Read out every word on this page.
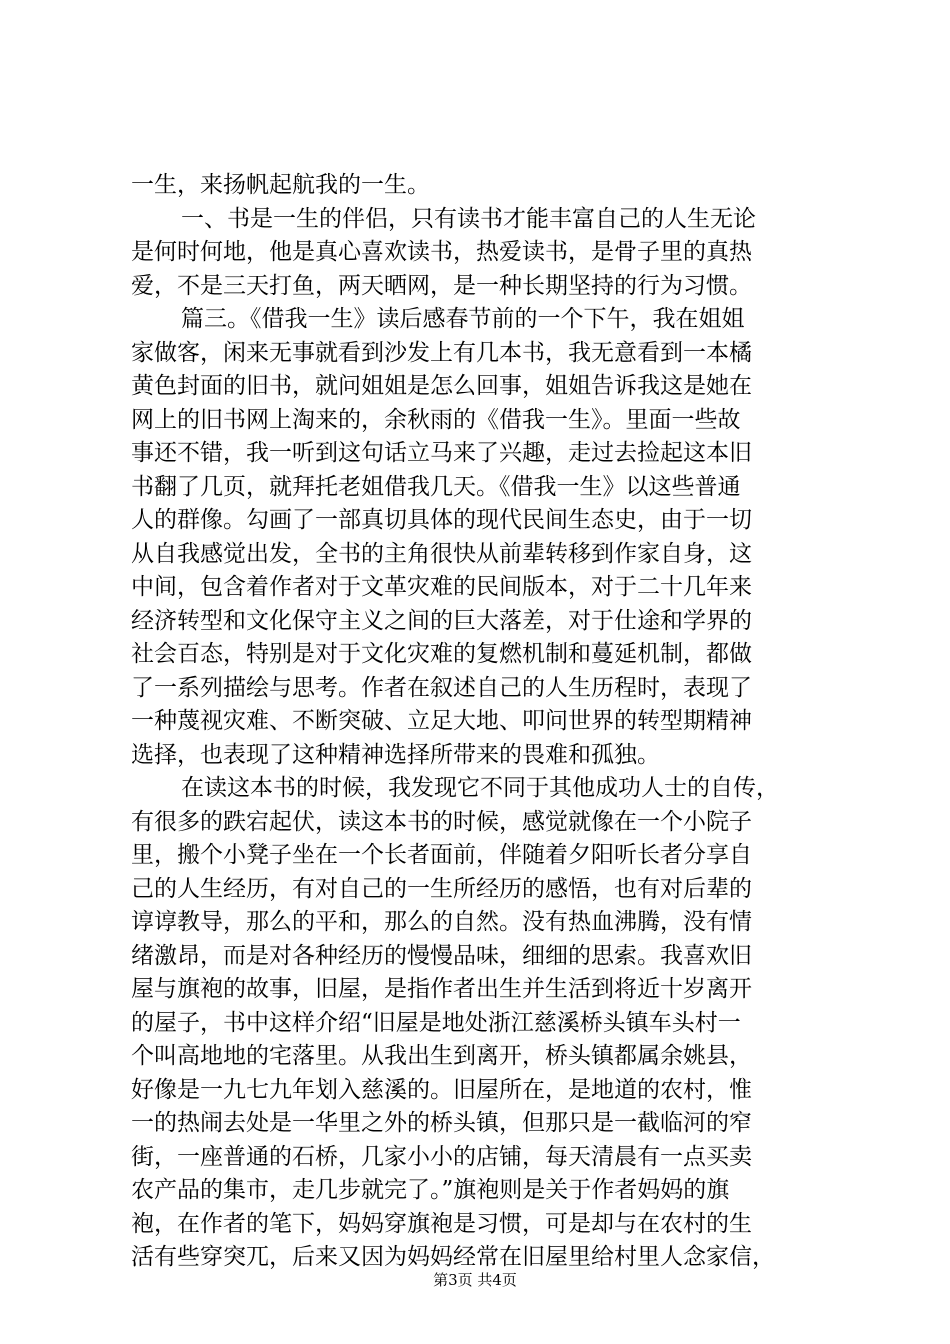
一生，来扬帆起航我的一生。
一、书是一生的伴侣，只有读书才能丰富自己的人生无论
是何时何地，他是真心喜欢读书，热爱读书，是骨子里的真热
爱，不是三天打鱼，两天晒网，是一种长期坚持的行为习惯。
篇三。《借我一生》读后感春节前的一个下午，我在姐姐
家做客，闲来无事就看到沙发上有几本书，我无意看到一本橘
黄色封面的旧书，就问姐姐是怎么回事，姐姐告诉我这是她在
网上的旧书网上淘来的，余秋雨的《借我一生》。里面一些故
事还不错，我一听到这句话立马来了兴趣，走过去捡起这本旧
书翻了几页，就拜托老姐借我几天。《借我一生》以这些普通
人的群像。勾画了一部真切具体的现代民间生态史，由于一切
从自我感觉出发，全书的主角很快从前辈转移到作家自身，这
中间，包含着作者对于文革灾难的民间版本，对于二十几年来
经济转型和文化保守主义之间的巨大落差，对于仕途和学界的
社会百态，特别是对于文化灾难的复燃机制和蔓延机制，都做
了一系列描绘与思考。作者在叙述自己的人生历程时，表现了
一种蔑视灾难、不断突破、立足大地、叩问世界的转型期精神
选择，也表现了这种精神选择所带来的畏难和孤独。
在读这本书的时候，我发现它不同于其他成功人士的自传，
有很多的跌宕起伏，读这本书的时候，感觉就像在一个小院子
里，搬个小凳子坐在一个长者面前，伴随着夕阳听长者分享自
己的人生经历，有对自己的一生所经历的感悟，也有对后辈的
谆谆教导，那么的平和，那么的自然。没有热血沸腾，没有情
绪激昂，而是对各种经历的慢慢品味，细细的思索。我喜欢旧
屋与旗袍的故事，旧屋，是指作者出生并生活到将近十岁离开
的屋子，书中这样介绍“旧屋是地处浙江慈溪桥头镇车头村一
个叫高地地的宅落里。从我出生到离开，桥头镇都属余姚县，
好像是一九七九年划入慈溪的。旧屋所在，是地道的农村，惟
一的热闹去处是一华里之外的桥头镇，但那只是一截临河的窄
街，一座普通的石桥，几家小小的店铺，每天清晨有一点买卖
农产品的集市，走几步就完了。”旗袍则是关于作者妈妈的旗
袍，在作者的笔下，妈妈穿旗袍是习惯，可是却与在农村的生
活有些穿突兀，后来又因为妈妈经常在旧屋里给村里人念家信，
第3页 共4页
